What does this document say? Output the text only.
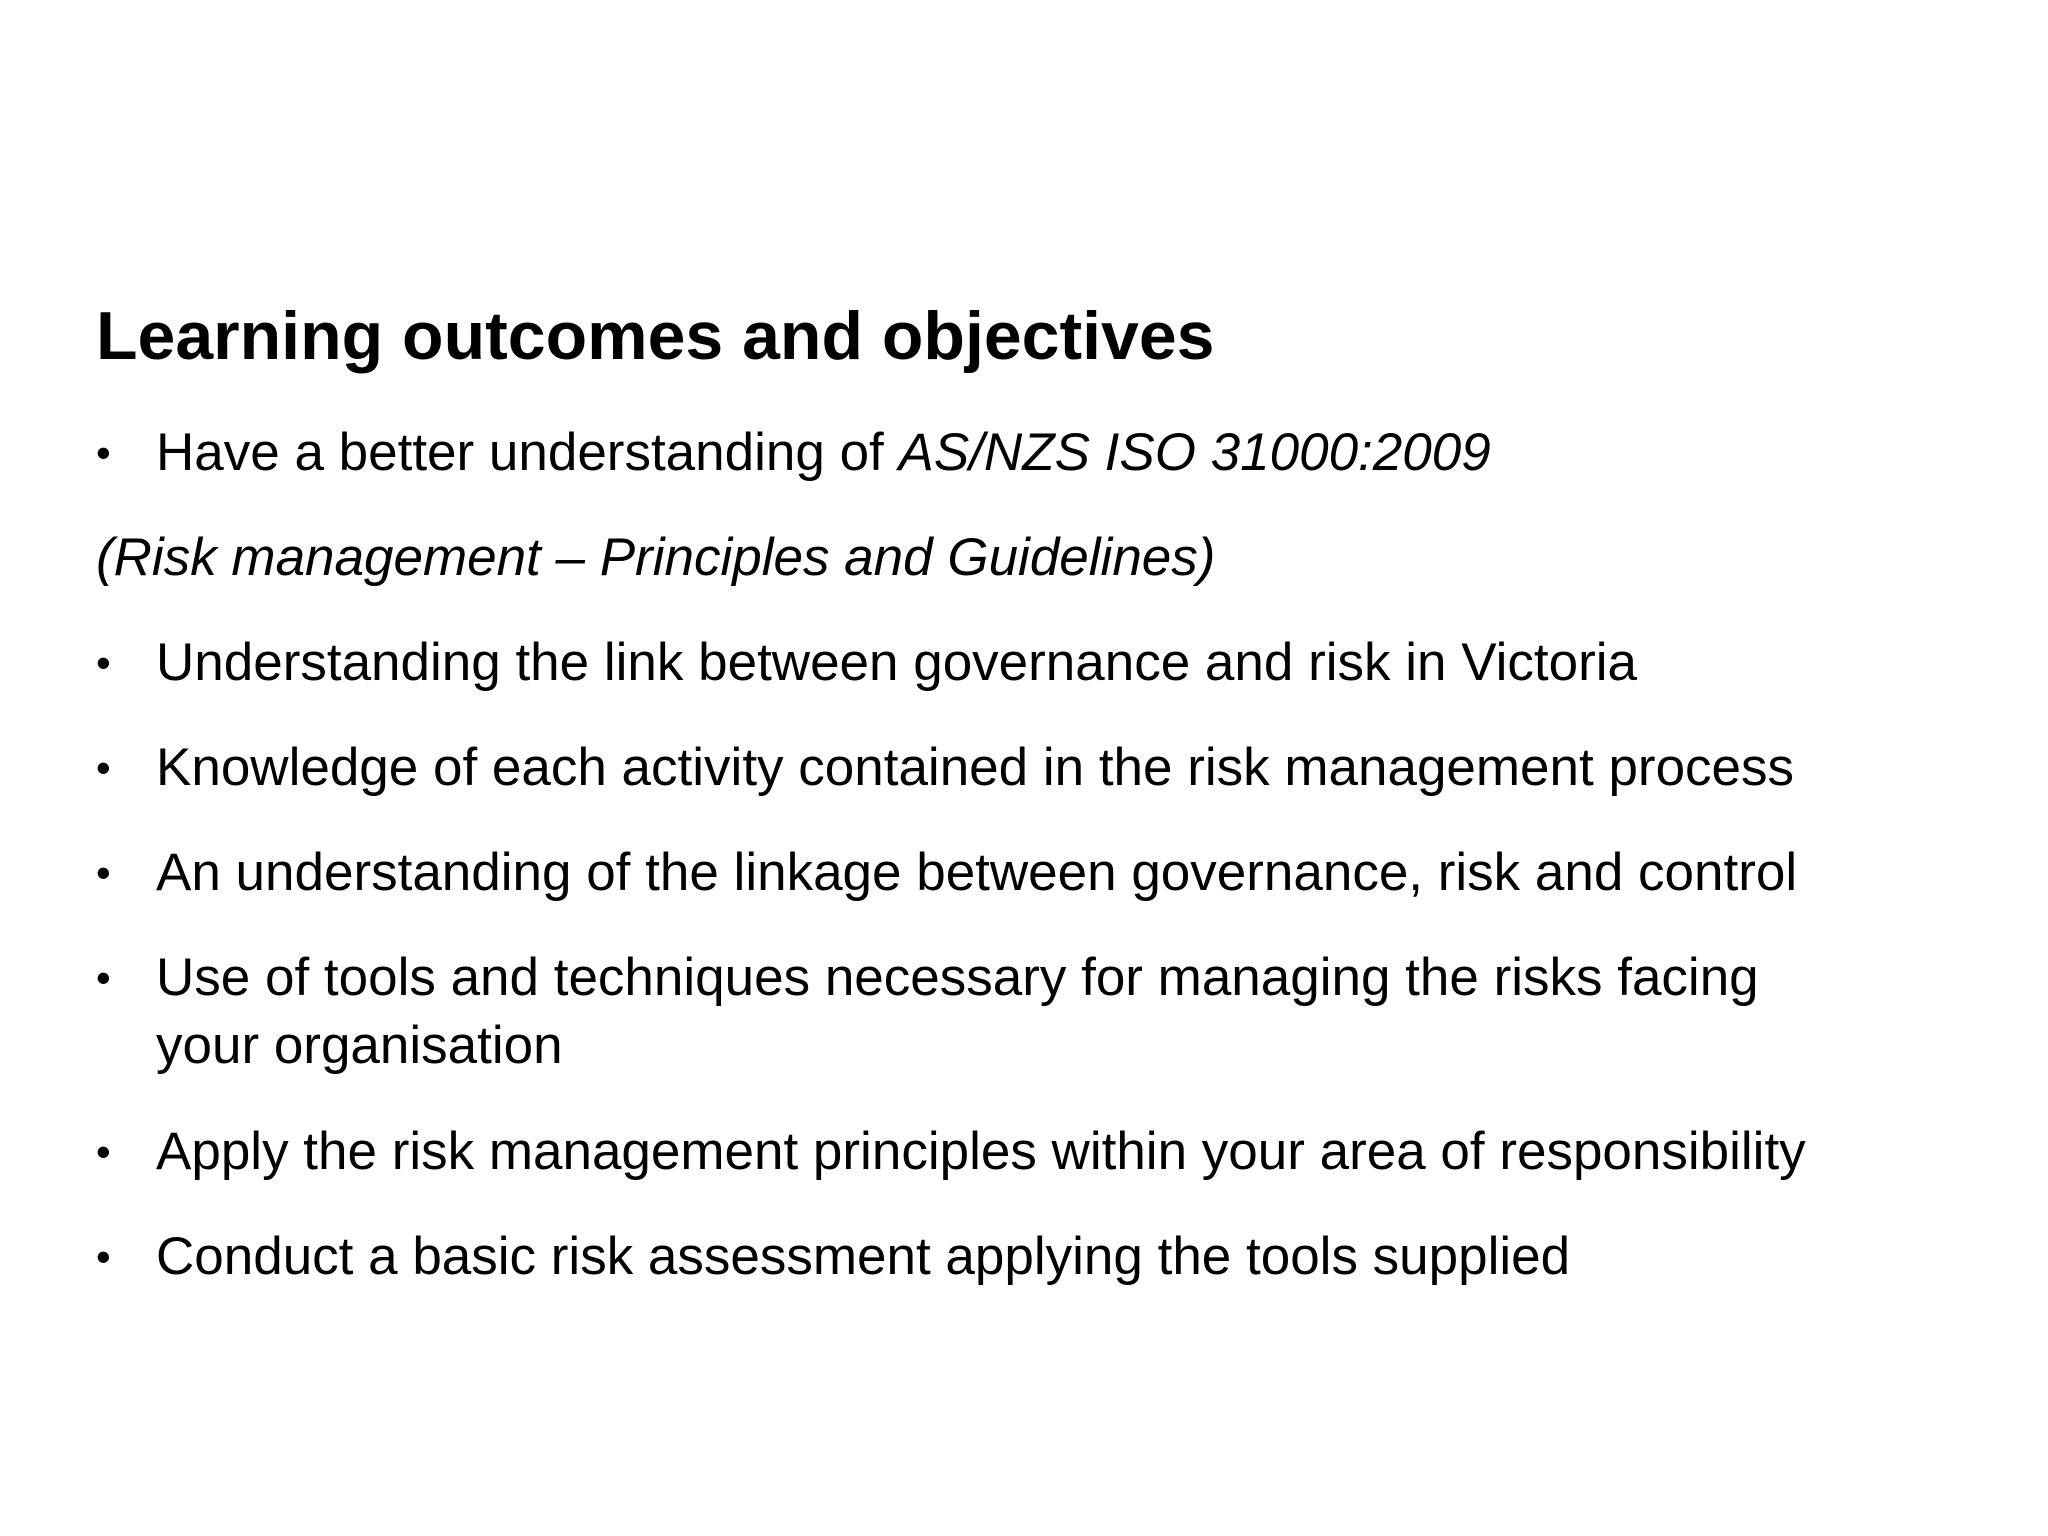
Learning outcomes and objectives
• Have a better understanding of AS/NZS ISO 31000:2009
(Risk management – Principles and Guidelines)
• Understanding the link between governance and risk in Victoria
• Knowledge of each activity contained in the risk management process
• An understanding of the linkage between governance, risk and control
• Use of tools and techniques necessary for managing the risks facing
your organisation
• Apply the risk management principles within your area of responsibility
• Conduct a basic risk assessment applying the tools supplied
